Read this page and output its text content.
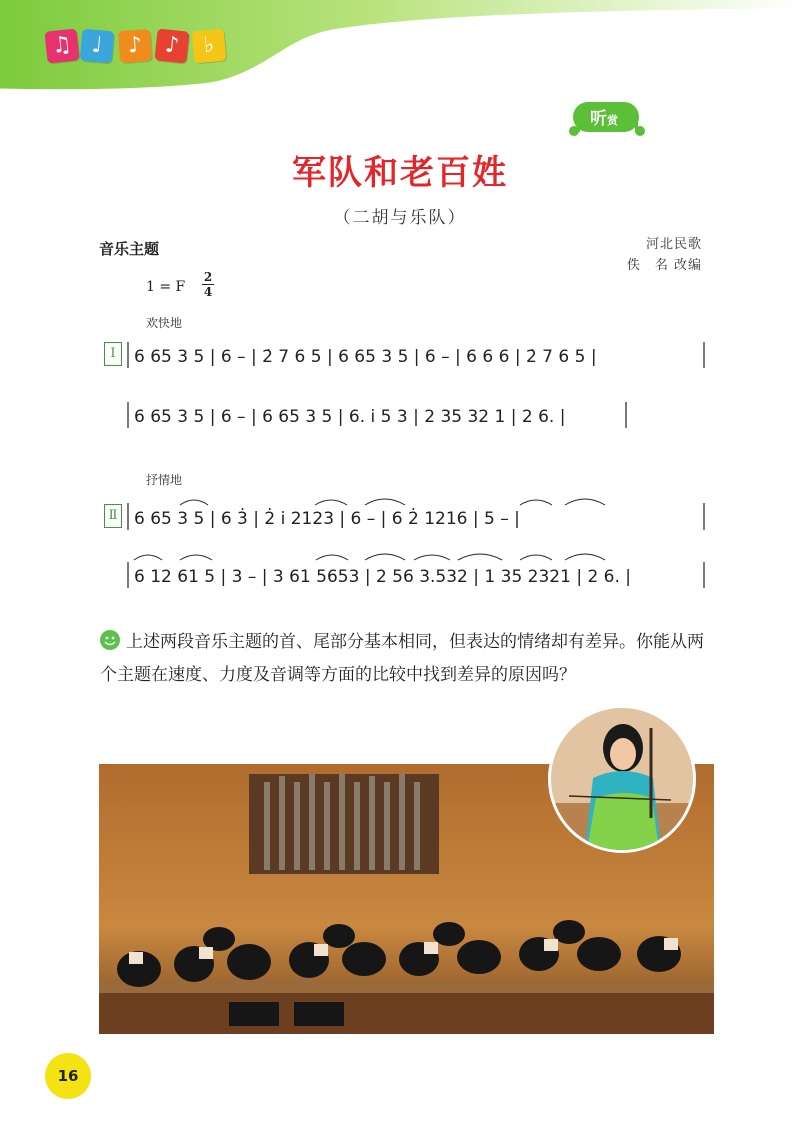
♫ ♩	♪ ♪	♭
听赏
军队和老百姓
（二胡与乐队）
音乐主题	河北民歌
佚　名 改编
1 = F
2
4
欢快地
Ⅰ	6 65 3 5 | 6 – | 2̇ 7 6 5 | 6 65 3 5 | 6 – | 6 6 6 | 2̇ 7 6 5 |
6 65 3 5 | 6 – | 6 65 3 5 | 6. i̇ 5 3 | 2 35 32 1 | 2 6. |
6 65 3 5 | 6 3̇ | 2̇ i̇ 2123 | 6 – | 6 2̇ 1216 | 5 – |
6 12 61 5 | 3 – | 3 61 5653 | 2 56 3.532 | 1 35 2321 | 2 6. |
抒情地
Ⅱ
上述两段音乐主题的首、尾部分基本相同，但表达的情绪却有差异。你能从两个主题在速度、力度及音调等方面的比较中找到差异的原因吗？
16
